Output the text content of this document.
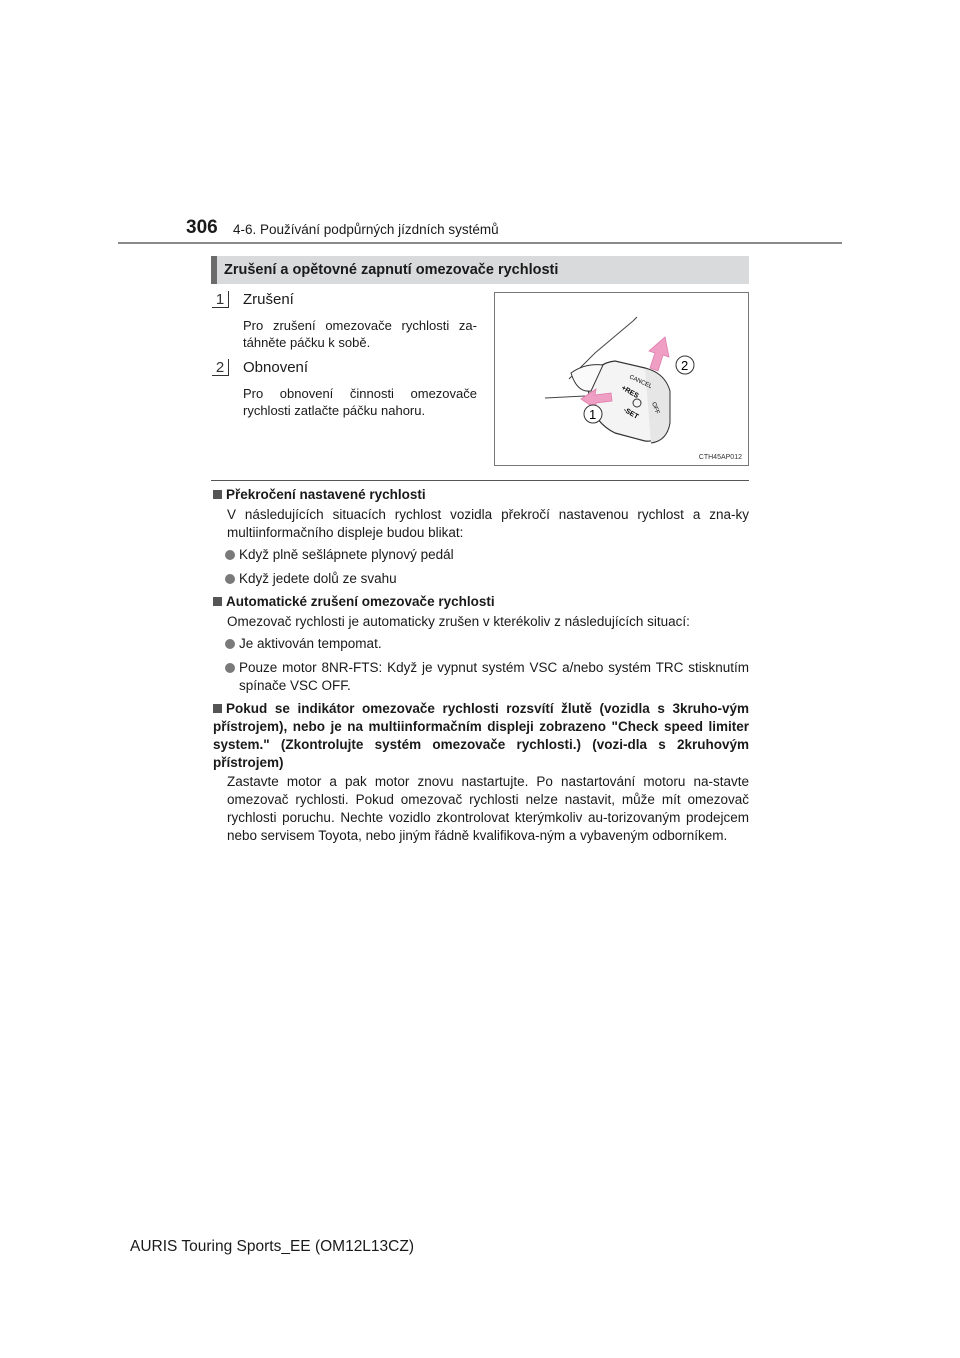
306 4-6. Používání podpůrných jízdních systémů
Zrušení a opětovné zapnutí omezovače rychlosti
1	Zrušení
Pro zrušení omezovače rychlosti za-táhněte páčku k sobě.
2	Obnovení
Pro obnovení činnosti omezovače rychlosti zatlačte páčku nahoru.
CANCEL
+RES
-SET OFF
2
1
CTH45AP012
Překročení nastavené rychlosti
V následujících situacích rychlost vozidla překročí nastavenou rychlost a zna-ky multiinformačního displeje budou blikat:
Když plně sešlápnete plynový pedál
Když jedete dolů ze svahu
Automatické zrušení omezovače rychlosti
Omezovač rychlosti je automaticky zrušen v kterékoliv z následujících situací:
Je aktivován tempomat.
Pouze motor 8NR-FTS: Když je vypnut systém VSC a/nebo systém TRC stisknutím spínače VSC OFF.
Pokud se indikátor omezovače rychlosti rozsvítí žlutě (vozidla s 3kruho-vým přístrojem), nebo je na multiinformačním displeji zobrazeno "Check speed limiter system." (Zkontrolujte systém omezovače rychlosti.) (vozi-dla s 2kruhovým přístrojem)
Zastavte motor a pak motor znovu nastartujte. Po nastartování motoru na-stavte omezovač rychlosti. Pokud omezovač rychlosti nelze nastavit, může mít omezovač rychlosti poruchu. Nechte vozidlo zkontrolovat kterýmkoliv au-torizovaným prodejcem nebo servisem Toyota, nebo jiným řádně kvalifikova-ným a vybaveným odborníkem.
AURIS Touring Sports_EE (OM12L13CZ)
